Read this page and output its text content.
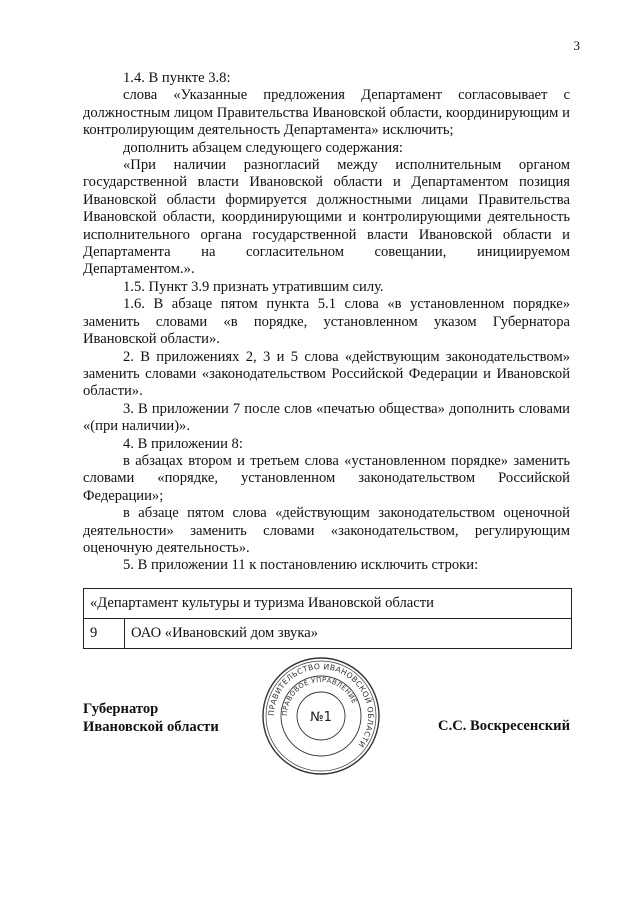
3

1.4. В пункте 3.8:

слова «Указанные предложения Департамент согласовывает с должностным лицом Правительства Ивановской области, координирующим и контролирующим деятельность Департамента» исключить;

дополнить абзацем следующего содержания:

«При наличии разногласий между исполнительным органом государственной власти Ивановской области и Департаментом позиция Ивановской области формируется должностными лицами Правительства Ивановской области, координирующими и контролирующими деятельность исполнительного органа государственной власти Ивановской области и Департамента на согласительном совещании, инициируемом Департаментом.».

1.5. Пункт 3.9 признать утратившим силу.

1.6. В абзаце пятом пункта 5.1 слова «в установленном порядке» заменить словами «в порядке, установленном указом Губернатора Ивановской области».

2. В приложениях 2, 3 и 5 слова «действующим законодательством» заменить словами «законодательством Российской Федерации и Ивановской области».

3. В приложении 7 после слов «печатью общества» дополнить словами «(при наличии)».

4. В приложении 8:

в абзацах втором и третьем слова «установленном порядке» заменить словами «порядке, установленном законодательством Российской Федерации»;

в абзаце пятом слова «действующим законодательством оценочной деятельности» заменить словами «законодательством, регулирующим оценочную деятельность».

5. В приложении 11 к постановлению исключить строки:

«Департамент культуры и туризма Ивановской области
9	ОАО «Ивановский дом звука»
Губернатор
Ивановской области
ПРАВИТЕЛЬСТВО ИВАНОВСКОЙ ОБЛАСТИ
ПРАВОВОЕ УПРАВЛЕНИЕ
№1
С.С. Воскресенский
